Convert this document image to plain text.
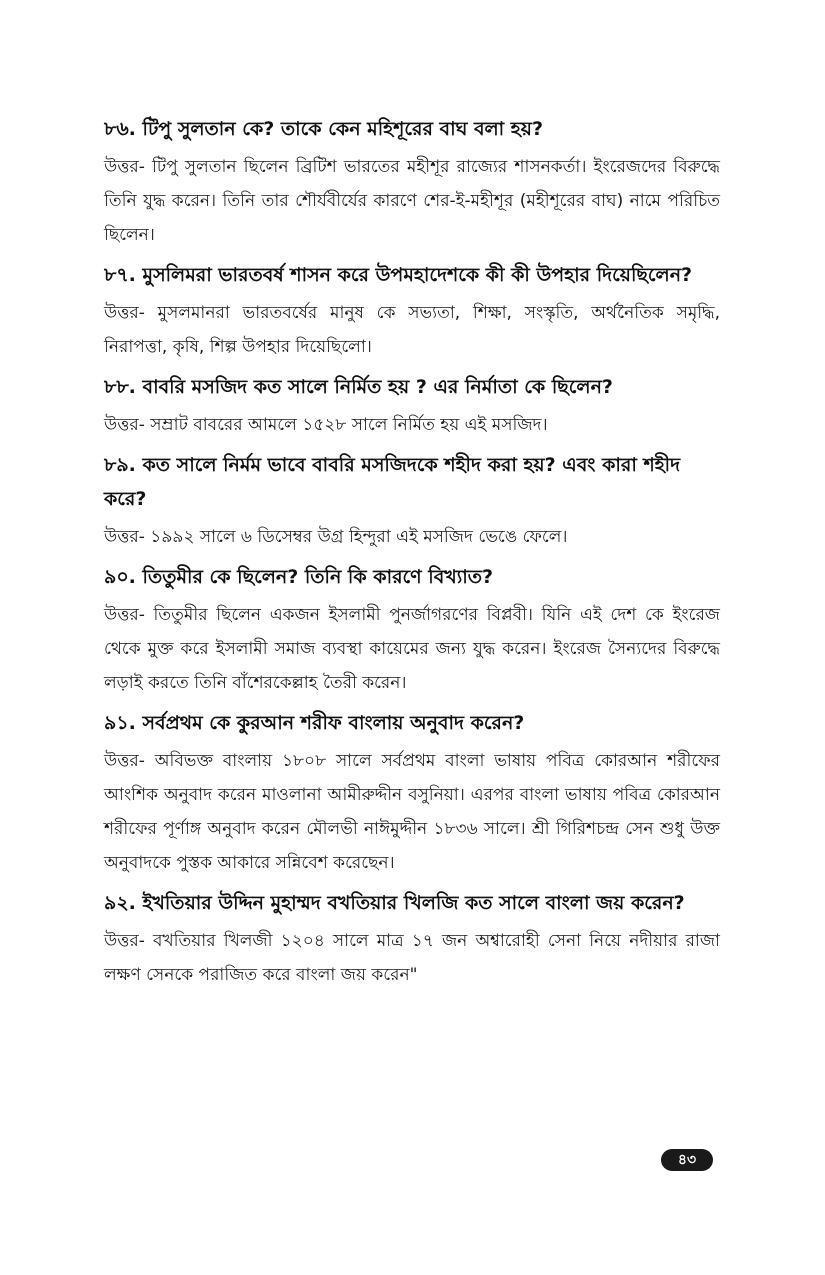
৮৬. টিপু সুলতান কে? তাকে কেন মহিশূরের বাঘ বলা হয়?

উত্তর- টিপু সুলতান ছিলেন ব্রিটিশ ভারতের মহীশূর রাজ্যের শাসনকর্তা। ইংরেজদের বিরুদ্ধে তিনি যুদ্ধ করেন। তিনি তার শৌর্যবীর্যের কারণে শের-ই-মহীশূর (মহীশূরের বাঘ) নামে পরিচিত ছিলেন।

৮৭. মুসলিমরা ভারতবর্ষ শাসন করে উপমহাদেশকে কী কী উপহার দিয়েছিলেন?

উত্তর- মুসলমানরা ভারতবর্ষের মানুষ কে সভ্যতা, শিক্ষা, সংস্কৃতি, অর্থনৈতিক সমৃদ্ধি, নিরাপত্তা, কৃষি, শিল্প উপহার দিয়েছিলো।

৮৮. বাবরি মসজিদ কত সালে নির্মিত হয় ? এর নির্মাতা কে ছিলেন?

উত্তর- সম্রাট বাবরের আমলে ১৫২৮ সালে নির্মিত হয় এই মসজিদ।

৮৯. কত সালে নির্মম ভাবে বাবরি মসজিদকে শহীদ করা হয়? এবং কারা শহীদ করে?

উত্তর- ১৯৯২ সালে ৬ ডিসেম্বর উগ্র হিন্দুরা এই মসজিদ ভেঙে ফেলে।

৯০. তিতুমীর কে ছিলেন? তিনি কি কারণে বিখ্যাত?

উত্তর- তিতুমীর ছিলেন একজন ইসলামী পুনর্জাগরণের বিপ্লবী। যিনি এই দেশ কে ইংরেজ থেকে মুক্ত করে ইসলামী সমাজ ব্যবস্থা কায়েমের জন্য যুদ্ধ করেন। ইংরেজ সৈন্যদের বিরুদ্ধে লড়াই করতে তিনি বাঁশেরকেল্লাহ তৈরী করেন।

৯১. সর্বপ্রথম কে কুরআন শরীফ বাংলায় অনুবাদ করেন?

উত্তর- অবিভক্ত বাংলায় ১৮০৮ সালে সর্বপ্রথম বাংলা ভাষায় পবিত্র কোরআন শরীফের আংশিক অনুবাদ করেন মাওলানা আমীরুদ্দীন বসুনিয়া। এরপর বাংলা ভাষায় পবিত্র কোরআন শরীফের পূর্ণাঙ্গ অনুবাদ করেন মৌলভী নাঈমুদ্দীন ১৮৩৬ সালে। শ্রী গিরিশচন্দ্র সেন শুধু উক্ত অনুবাদকে পুস্তক আকারে সন্নিবেশ করেছেন।

৯২. ইখতিয়ার উদ্দিন মুহাম্মদ বখতিয়ার খিলজি কত সালে বাংলা জয় করেন?

উত্তর- বখতিয়ার খিলজী ১২০৪ সালে মাত্র ১৭ জন অশ্বারোহী সেনা নিয়ে নদীয়ার রাজা লক্ষণ সেনকে পরাজিত করে বাংলা জয় করেন"

৪৩
